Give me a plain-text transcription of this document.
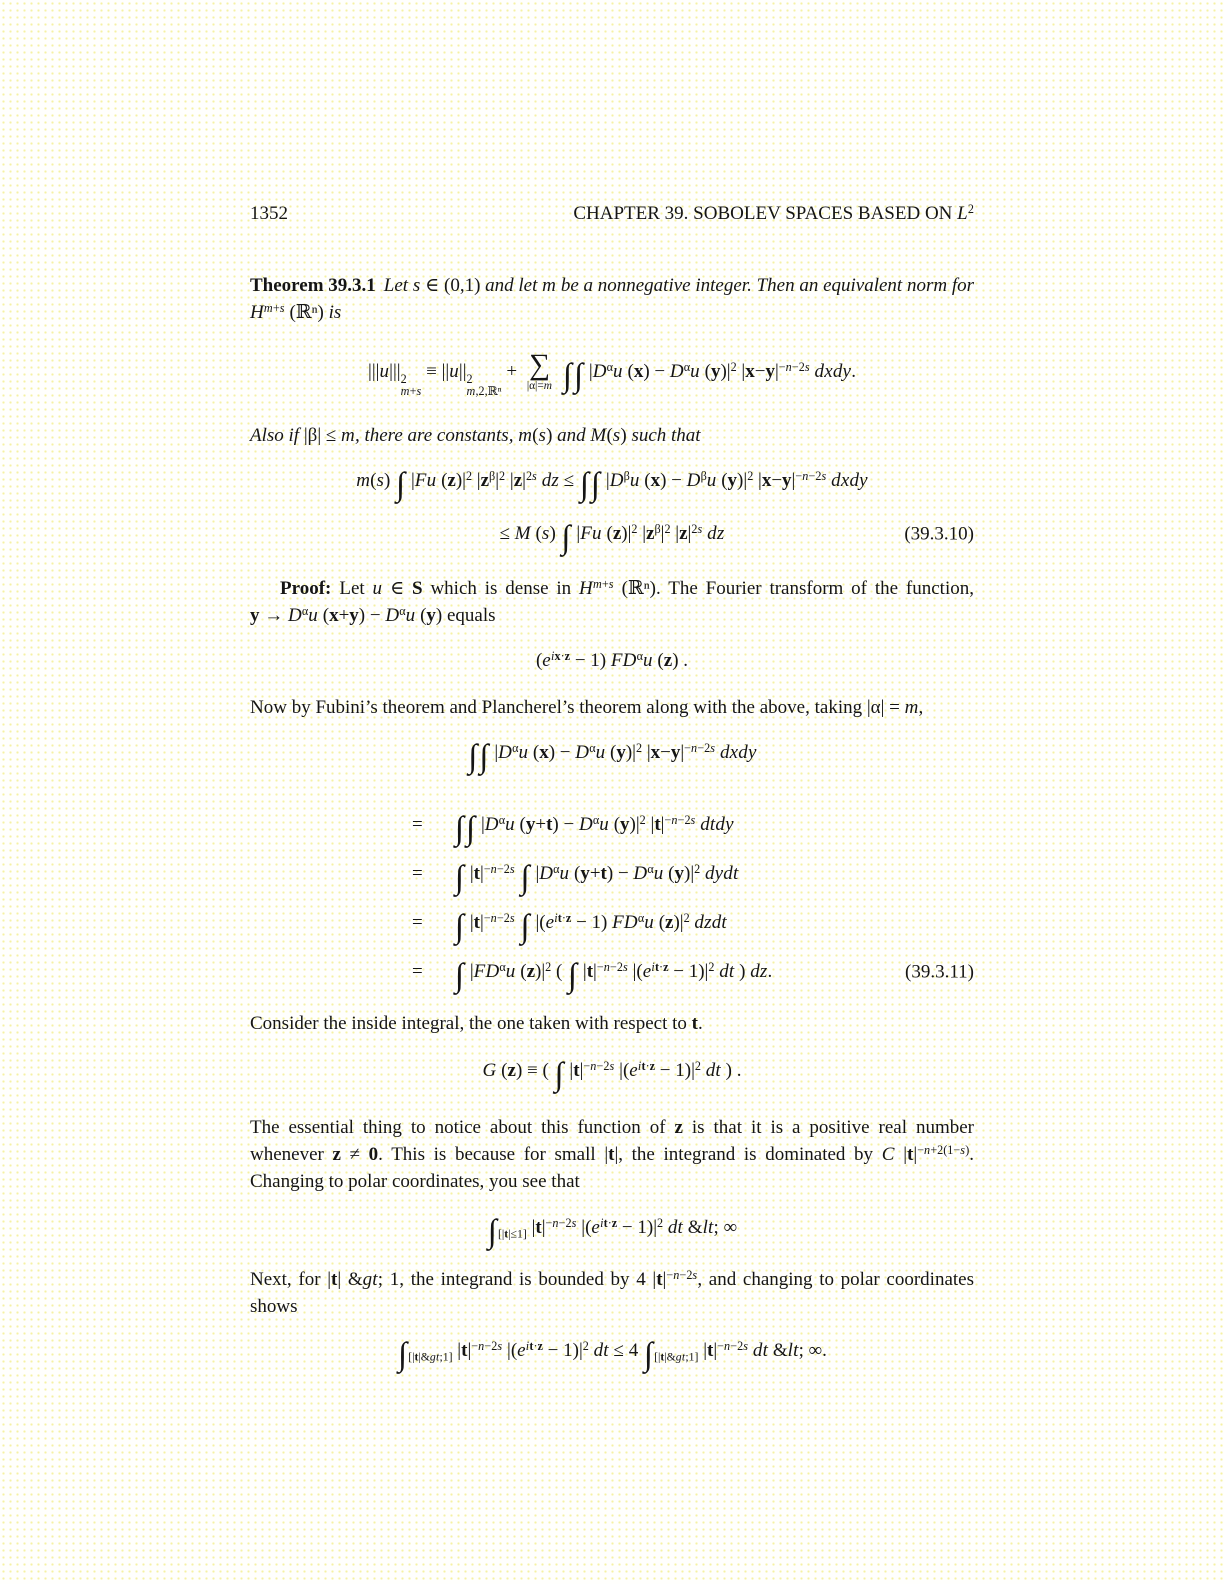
1352	CHAPTER 39. SOBOLEV SPACES BASED ON $L^2$

Theorem 39.3.1 Let s ∈ (0,1) and let m be a nonnegative integer. Then an equivalent norm for $H^{m+s}$ (ℝⁿ) is

|||u||| 2
m+s
≡ ||u|| 2
m,2,ℝⁿ
+ ∑
|α|=m ∫∫ $|D^\alpha u$ $(x) - D^\alpha u$ $(y)|^2$ $|x-y|^{-n-2s}$ dxdy.

Also if |β| ≤ m, there are constants, m(s) and M(s) such that

m(s) ∫ |Fu $(z)|^2$ $|z^\beta|^2$ $|z|^{2s}$ dz ≤ ∫∫ $|D^\beta u$ $(x) - D^\beta u$ $(y)|^2$ $|x-y|^{-n-2s}$ dxdy
≤ M (s) ∫ |Fu $(z)|^2$ $|z^\beta|^2$ $|z|^{2s}$ dz	(39.3.10)

Proof: Let u ∈ S which is dense in $H^{m+s}$ (ℝⁿ). The Fourier transform of the function, $y \to D^\alpha u$ $(x+y) - D^\alpha u$ (y) equals

$(e^{ix\cdot z} - 1)$ $FD^\alpha u$ (z) .

Now by Fubini’s theorem and Plancherel’s theorem along with the above, taking |α| = m,

∫∫ $|D^\alpha u$ $(x) - D^\alpha u$ $(y)|^2$ $|x-y|^{-n-2s}$ dxdy
= ∫∫ $|D^\alpha u$ $(y+t) - D^\alpha u$ $(y)|^2$ $|t|^{-n-2s}$ dtdy
= ∫ $|t|^{-n-2s}$ ∫ $|D^\alpha u$ $(y+t) - D^\alpha u$ $(y)|^2$ dydt
= ∫ $|t|^{-n-2s}$ ∫ $|(e^{it\cdot z} - 1)$ $FD^\alpha u$ $(z)|^2$ dzdt
= ∫ $|FD^\alpha u$ $(z)|^2$ ( ∫ $|t|^{-n-2s}$ $|(e^{it\cdot z} - 1)|^2$ dt ) dz.	(39.3.11)

Consider the inside integral, the one taken with respect to t.

G (z) ≡ ( ∫ $|t|^{-n-2s}$ $|(e^{it\cdot z} - 1)|^2$ dt ) .

The essential thing to notice about this function of z is that it is a positive real number whenever z ≠ 0. This is because for small |t|, the integrand is dominated by C $|t|^{-n+2(1-s)}$. Changing to polar coordinates, you see that

$\int_{[|t|\le 1]}$ $|t|^{-n-2s}$ $|(e^{it\cdot z} - 1)|^2$ dt &lt; ∞

Next, for |t| &gt; 1, the integrand is bounded by 4 $|t|^{-n-2s}$, and changing to polar coordinates shows

$\int_{[|t|\&gt;1]}$ $|t|^{-n-2s}$ $|(e^{it\cdot z} - 1)|^2$ dt ≤ 4 $\int_{[|t|\&gt;1]}$ $|t|^{-n-2s}$ dt &lt; ∞.
